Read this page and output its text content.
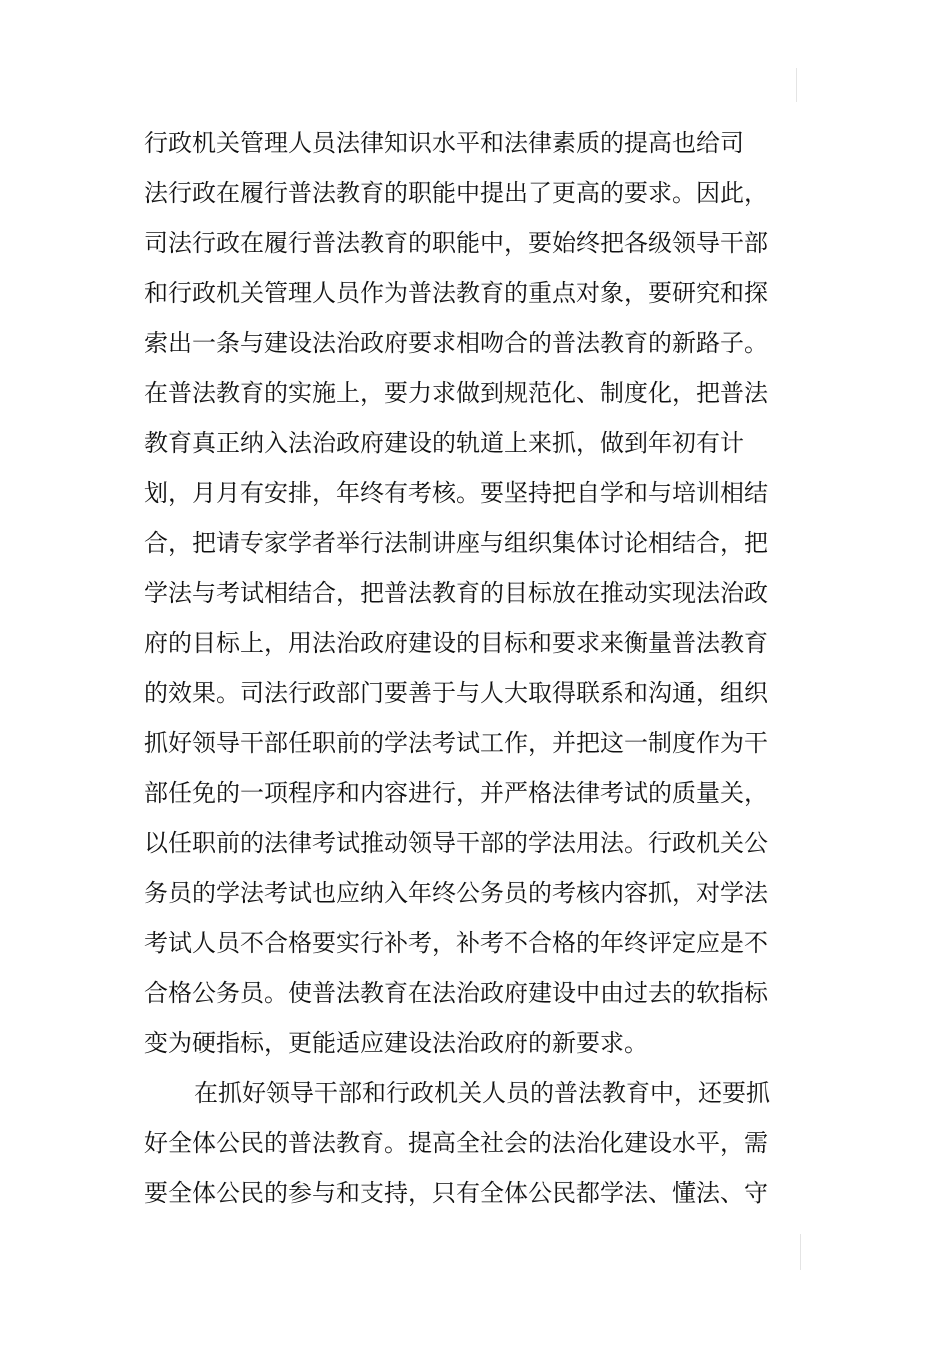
行政机关管理人员法律知识水平和法律素质的提高也给司
法行政在履行普法教育的职能中提出了更高的要求。因此，
司法行政在履行普法教育的职能中，要始终把各级领导干部
和行政机关管理人员作为普法教育的重点对象，要研究和探
索出一条与建设法治政府要求相吻合的普法教育的新路子。
在普法教育的实施上，要力求做到规范化、制度化，把普法
教育真正纳入法治政府建设的轨道上来抓，做到年初有计
划，月月有安排，年终有考核。要坚持把自学和与培训相结
合，把请专家学者举行法制讲座与组织集体讨论相结合，把
学法与考试相结合，把普法教育的目标放在推动实现法治政
府的目标上，用法治政府建设的目标和要求来衡量普法教育
的效果。司法行政部门要善于与人大取得联系和沟通，组织
抓好领导干部任职前的学法考试工作，并把这一制度作为干
部任免的一项程序和内容进行，并严格法律考试的质量关，
以任职前的法律考试推动领导干部的学法用法。行政机关公
务员的学法考试也应纳入年终公务员的考核内容抓，对学法
考试人员不合格要实行补考，补考不合格的年终评定应是不
合格公务员。使普法教育在法治政府建设中由过去的软指标
变为硬指标，更能适应建设法治政府的新要求。
在抓好领导干部和行政机关人员的普法教育中，还要抓
好全体公民的普法教育。提高全社会的法治化建设水平，需
要全体公民的参与和支持，只有全体公民都学法、懂法、守
